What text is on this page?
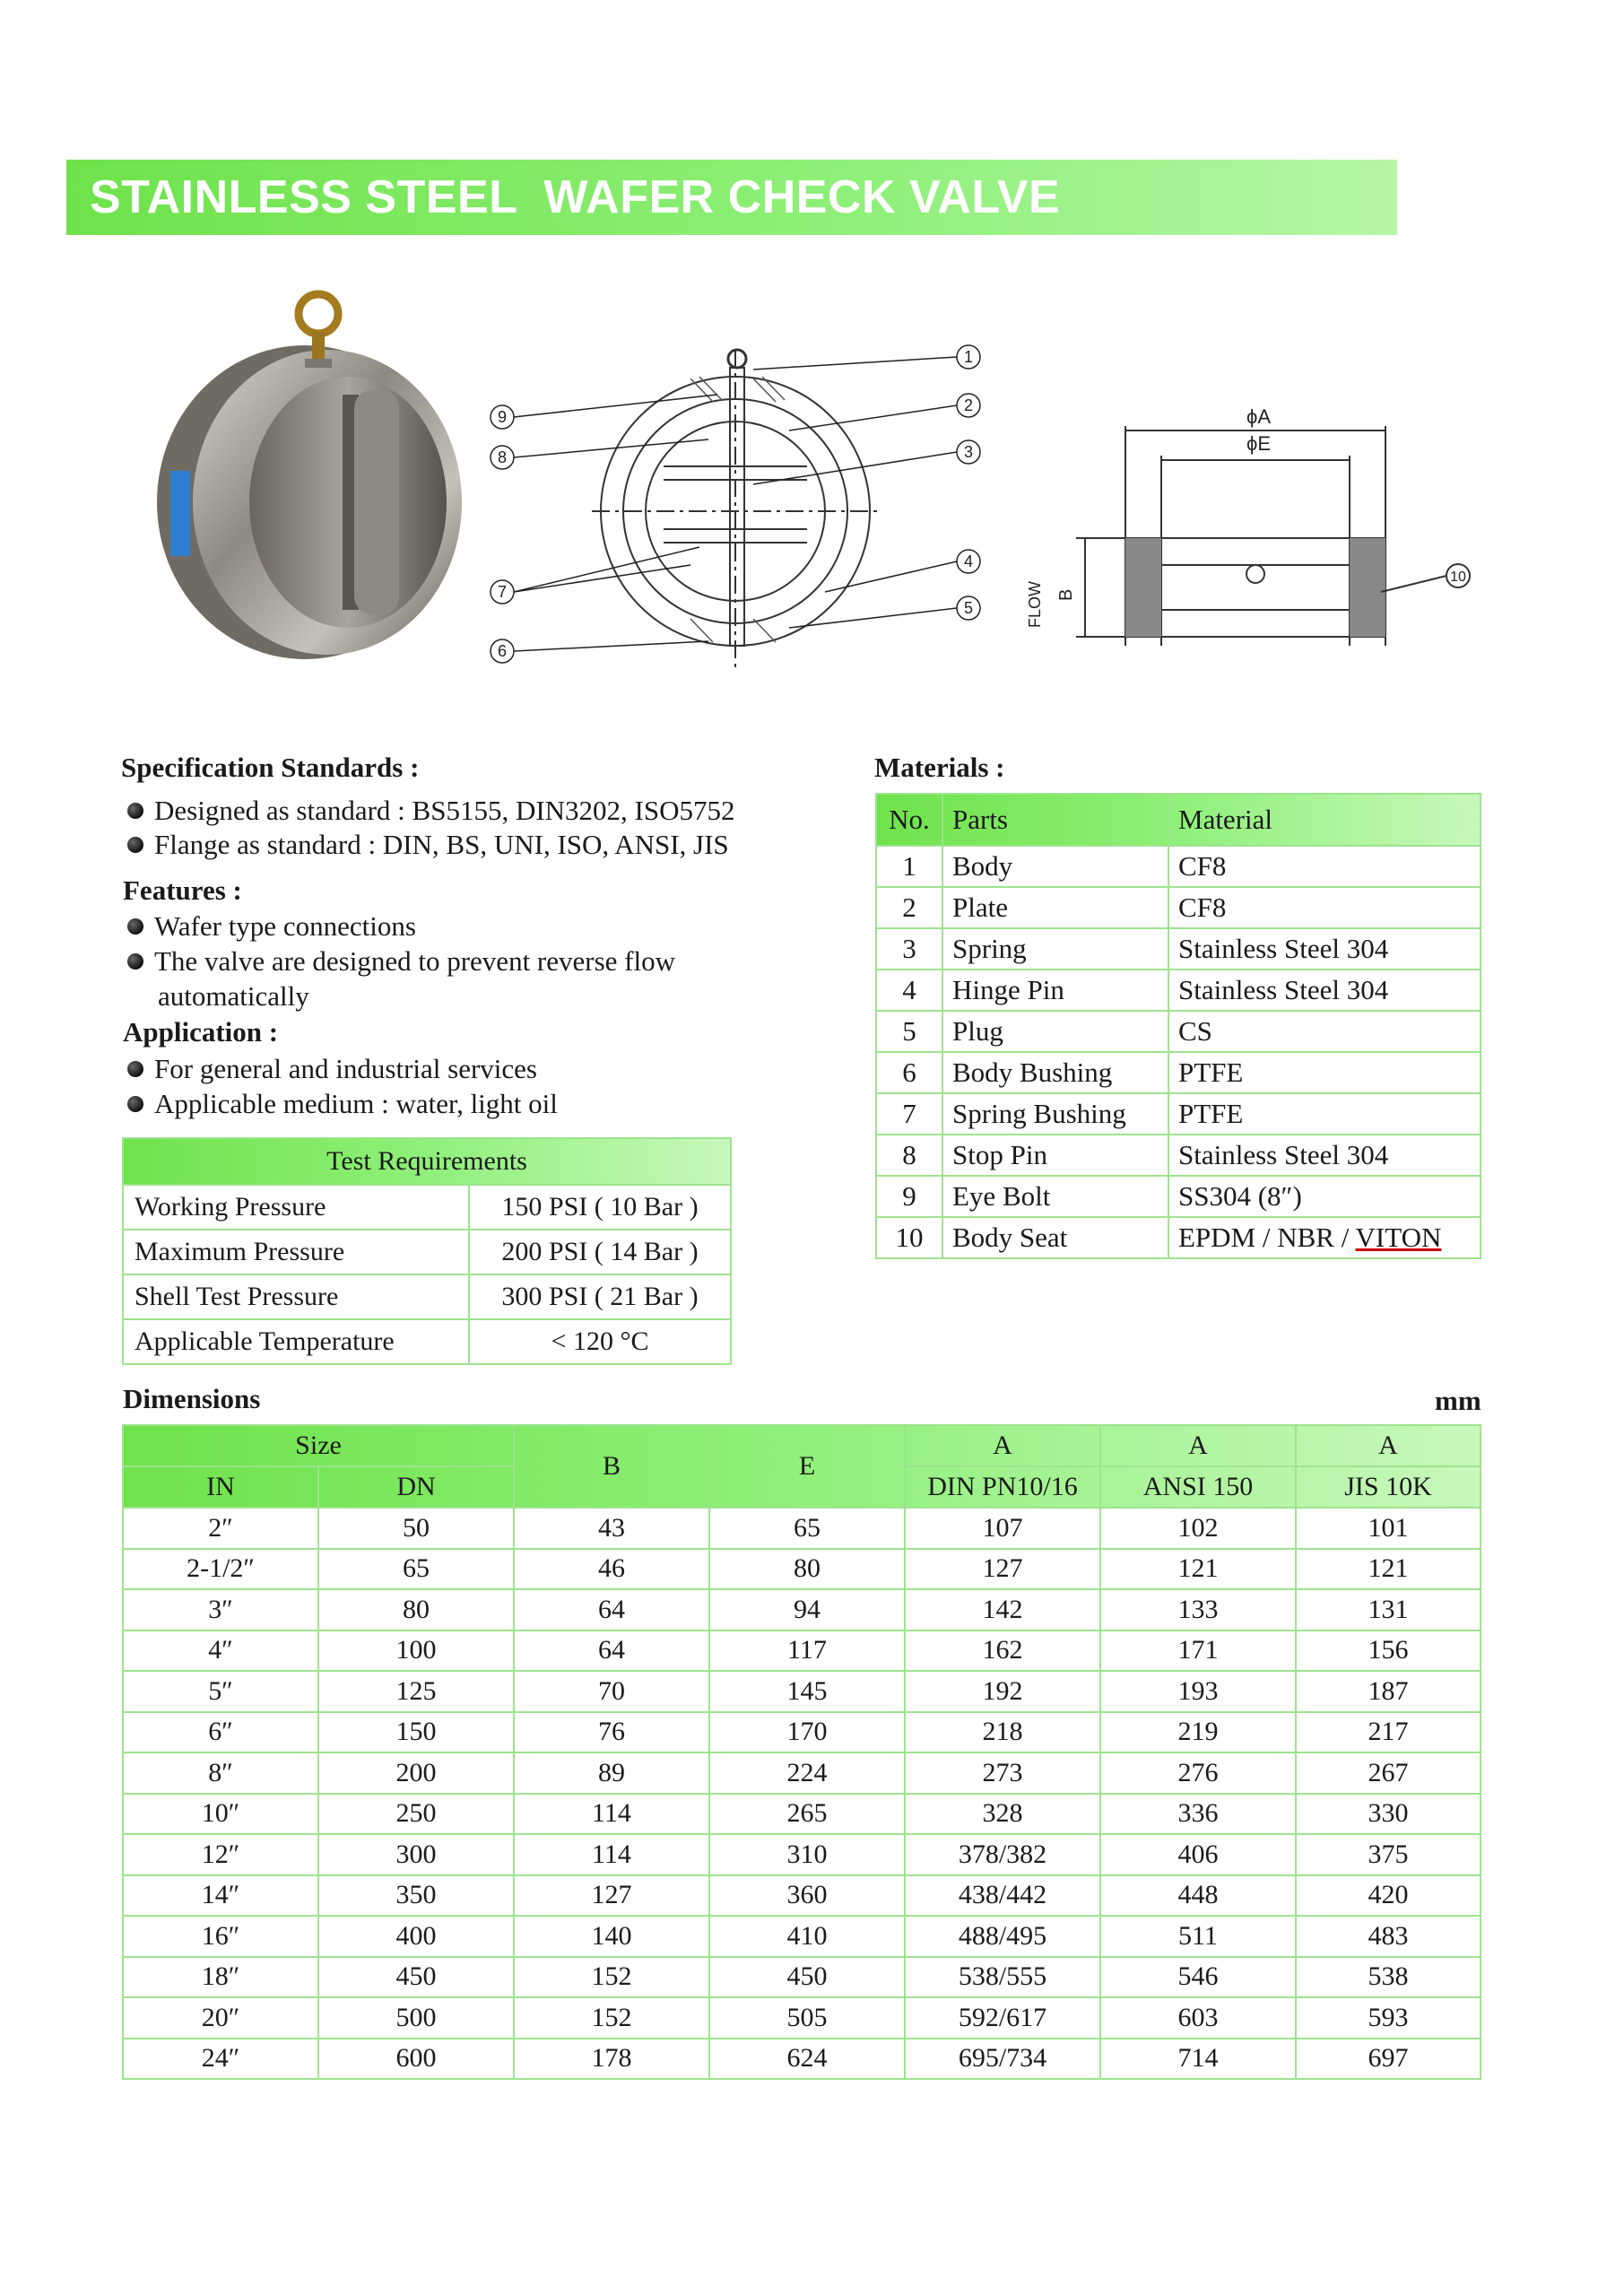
STAINLESS STEEL  WAFER CHECK VALVE
1
2
3
4
5
6
7
8
9	ϕA
ϕE
10
B
FLOW
Specification Standards :
Designed as standard : BS5155, DIN3202, ISO5752
Flange as standard : DIN, BS, UNI, ISO, ANSI, JIS
Features :
Wafer type connections
The valve are designed to prevent reverse flow
automatically
Application :
For general and industrial services
Applicable medium : water, light oil
Test Requirements	
Working Pressure	150 PSI ( 10 Bar )
Maximum Pressure	200 PSI ( 14 Bar )
Shell Test Pressure	300 PSI ( 21 Bar )
Applicable Temperature	< 120 °C
Materials :
No.	Parts	Material
1	Body	CF8
2	Plate	CF8
3	Spring	Stainless Steel 304
4	Hinge Pin	Stainless Steel 304
5	Plug	CS
6	Body Bushing	PTFE
7	Spring Bushing	PTFE
8	Stop Pin	Stainless Steel 304
9	Eye Bolt	SS304 (8″)
10	Body Seat	EPDM / NBR / VITON
Dimensions	mm
Size		B	E	A	A	A
IN	DN			DIN PN10/16	ANSI 150	JIS 10K
2″	50	43	65	107	102	101
2-1/2″	65	46	80	127	121	121
3″	80	64	94	142	133	131
4″	100	64	117	162	171	156
5″	125	70	145	192	193	187
6″	150	76	170	218	219	217
8″	200	89	224	273	276	267
10″	250	114	265	328	336	330
12″	300	114	310	378/382	406	375
14″	350	127	360	438/442	448	420
16″	400	140	410	488/495	511	483
18″	450	152	450	538/555	546	538
20″	500	152	505	592/617	603	593
24″	600	178	624	695/734	714	697
